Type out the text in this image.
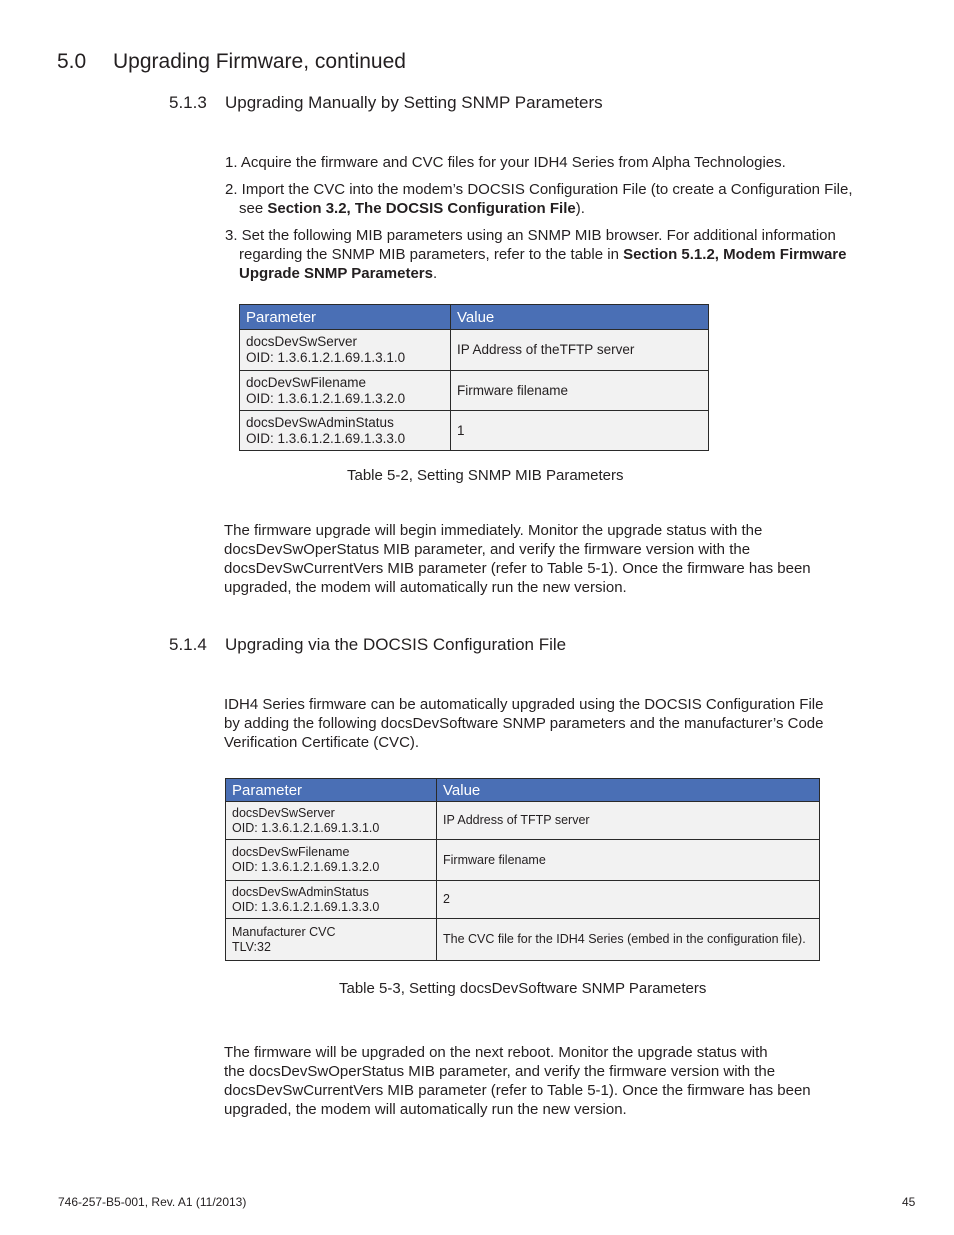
5.0 Upgrading Firmware, continued
5.1.3 Upgrading Manually by Setting SNMP Parameters
1. Acquire the firmware and CVC files for your IDH4 Series from Alpha Technologies.
2. Import the CVC into the modem’s DOCSIS Configuration File (to create a Configuration File,
see Section 3.2, The DOCSIS Configuration File).
3. Set the following MIB parameters using an SNMP MIB browser. For additional information
regarding the SNMP MIB parameters, refer to the table in Section 5.1.2, Modem Firmware
Upgrade SNMP Parameters.
Parameter	Value

docsDevSwServer
OID: 1.3.6.1.2.1.69.1.3.1.0	IP Address of theTFTP server

docDevSwFilename
OID: 1.3.6.1.2.1.69.1.3.2.0	Firmware filename

docsDevSwAdminStatus
OID: 1.3.6.1.2.1.69.1.3.3.0	1
Table 5-2, Setting SNMP MIB Parameters
The firmware upgrade will begin immediately. Monitor the upgrade status with the
docsDevSwOperStatus MIB parameter, and verify the firmware version with the
docsDevSwCurrentVers MIB parameter (refer to Table 5-1). Once the firmware has been
upgraded, the modem will automatically run the new version.
5.1.4 Upgrading via the DOCSIS Configuration File
IDH4 Series firmware can be automatically upgraded using the DOCSIS Configuration File
by adding the following docsDevSoftware SNMP parameters and the manufacturer’s Code
Verification Certificate (CVC).
Parameter	Value

docsDevSwServer
OID: 1.3.6.1.2.1.69.1.3.1.0	IP Address of TFTP server

docsDevSwFilename
OID: 1.3.6.1.2.1.69.1.3.2.0	Firmware filename

docsDevSwAdminStatus
OID: 1.3.6.1.2.1.69.1.3.3.0	2

Manufacturer CVC
TLV:32	The CVC file for the IDH4 Series (embed in the configuration file).
Table 5-3, Setting docsDevSoftware SNMP Parameters
The firmware will be upgraded on the next reboot. Monitor the upgrade status with
the docsDevSwOperStatus MIB parameter, and verify the firmware version with the
docsDevSwCurrentVers MIB parameter (refer to Table 5-1). Once the firmware has been
upgraded, the modem will automatically run the new version.
746-257-B5-001, Rev. A1 (11/2013)	45
